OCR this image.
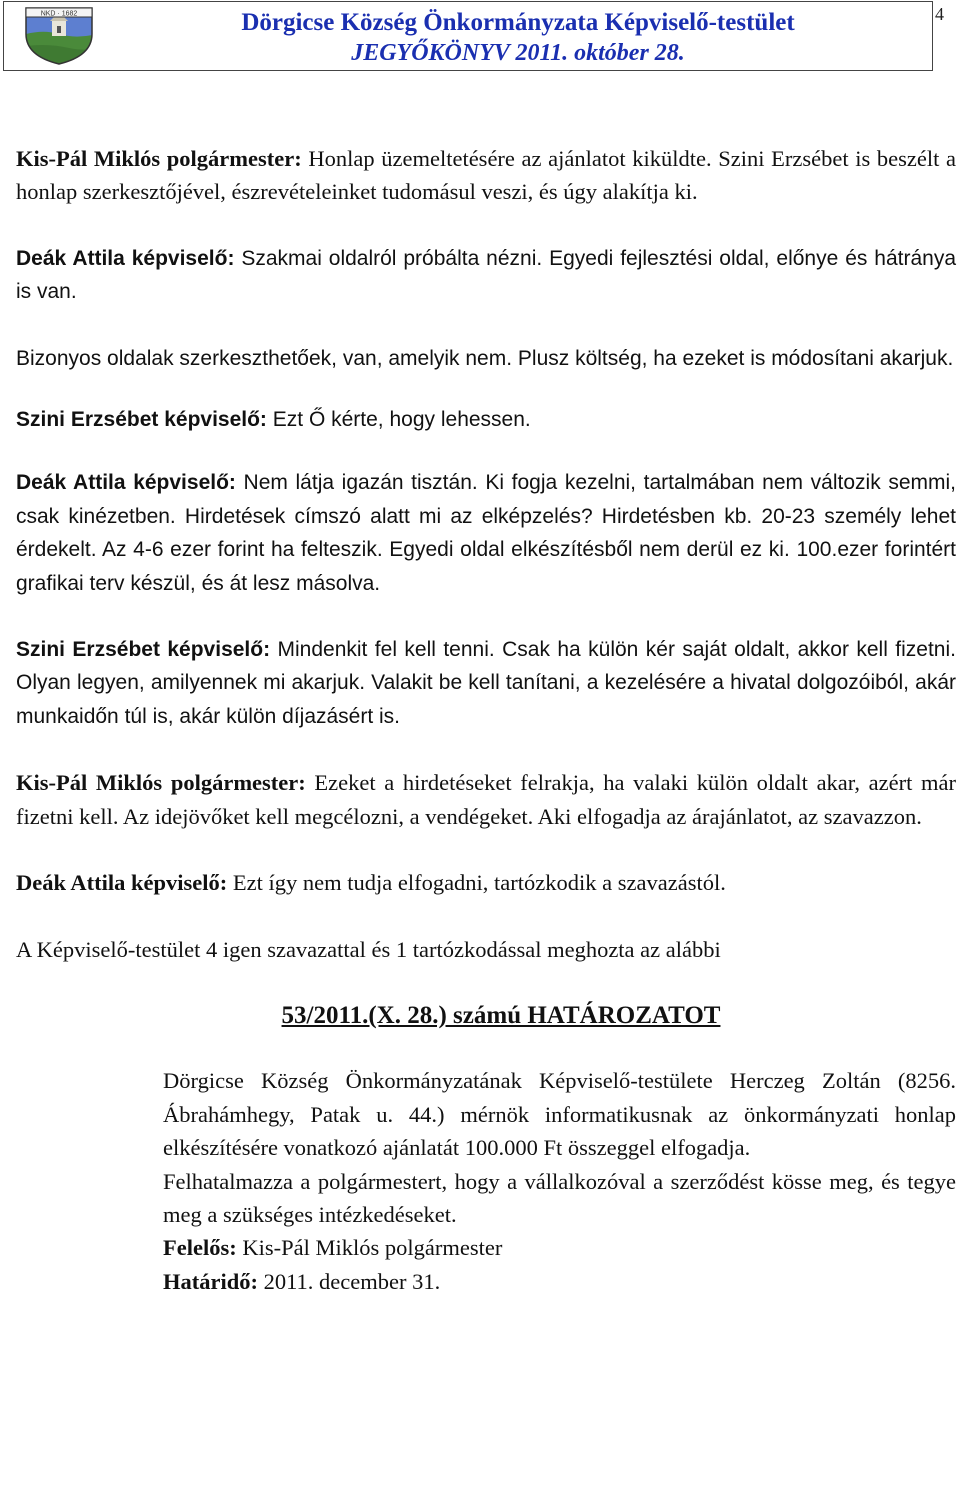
NKD · 1682	Dörgicse Község Önkormányzata Képviselő-testület
JEGYŐKÖNYV 2011. október 28.
4

Kis-Pál Miklós polgármester: Honlap üzemeltetésére az ajánlatot kiküldte. Szini Erzsébet is beszélt a honlap szerkesztőjével, észrevételeinket tudomásul veszi, és úgy alakítja ki.

Deák Attila képviselő: Szakmai oldalról próbálta nézni. Egyedi fejlesztési oldal, előnye és hátránya is van.

Bizonyos oldalak szerkeszthetőek, van, amelyik nem. Plusz költség, ha ezeket is módosítani akarjuk.

Szini Erzsébet képviselő: Ezt Ő kérte, hogy lehessen.

Deák Attila képviselő: Nem látja igazán tisztán. Ki fogja kezelni, tartalmában nem változik semmi, csak kinézetben. Hirdetések címszó alatt mi az elképzelés? Hirdetésben kb. 20-23 személy lehet érdekelt. Az 4-6 ezer forint ha felteszik. Egyedi oldal elkészítésből nem derül ez ki. 100.ezer forintért grafikai terv készül, és át lesz másolva.

Szini Erzsébet képviselő: Mindenkit fel kell tenni. Csak ha külön kér saját oldalt, akkor kell fizetni. Olyan legyen, amilyennek mi akarjuk. Valakit be kell tanítani, a kezelésére a hivatal dolgozóiból, akár munkaidőn túl is, akár külön díjazásért is.

Kis-Pál Miklós polgármester: Ezeket a hirdetéseket felrakja, ha valaki külön oldalt akar, azért már fizetni kell. Az idejövőket kell megcélozni, a vendégeket. Aki elfogadja az árajánlatot, az szavazzon.

Deák Attila képviselő: Ezt így nem tudja elfogadni, tartózkodik a szavazástól.

A Képviselő-testület 4 igen szavazattal és 1 tartózkodással meghozta az alábbi

53/2011.(X. 28.) számú HATÁROZATOT

Dörgicse Község Önkormányzatának Képviselő-testülete Herczeg Zoltán (8256. Ábrahámhegy, Patak u. 44.) mérnök informatikusnak az önkormányzati honlap elkészítésére vonatkozó ajánlatát 100.000 Ft összeggel elfogadja.

Felhatalmazza a polgármestert, hogy a vállalkozóval a szerződést kösse meg, és tegye meg a szükséges intézkedéseket.

Felelős: Kis-Pál Miklós polgármester

Határidő: 2011. december 31.
